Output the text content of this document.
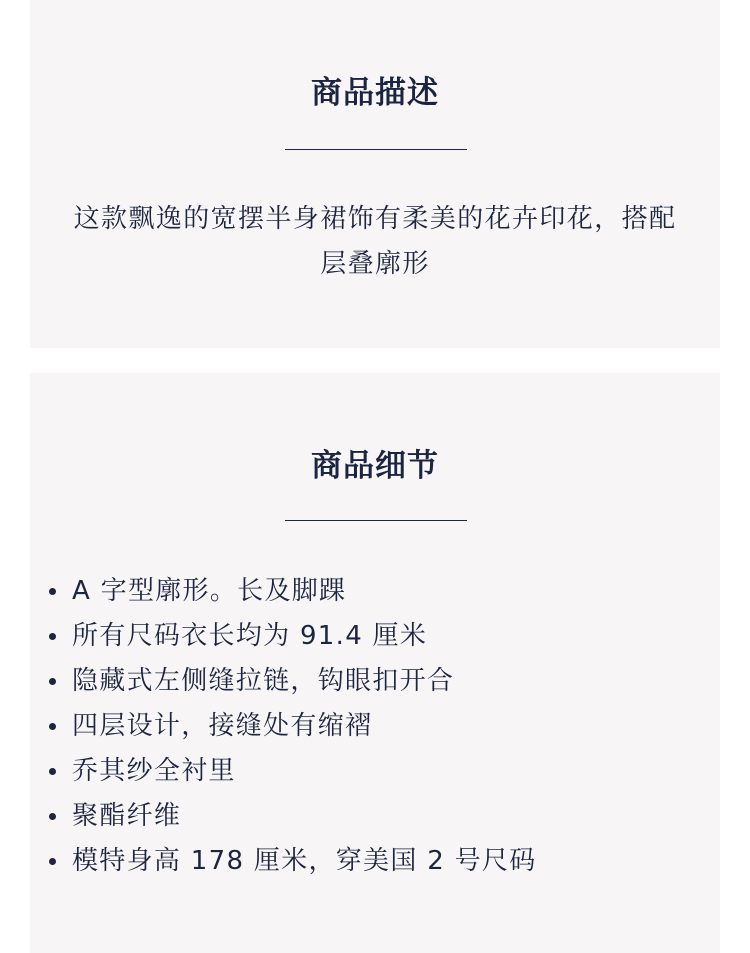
商品描述

这款飘逸的宽摆半身裙饰有柔美的花卉印花，搭配层叠廓形

商品细节
A 字型廓形。长及脚踝
所有尺码衣长均为 91.4 厘米
隐藏式左侧缝拉链，钩眼扣开合
四层设计，接缝处有缩褶
乔其纱全衬里
聚酯纤维
模特身高 178 厘米，穿美国 2 号尺码
